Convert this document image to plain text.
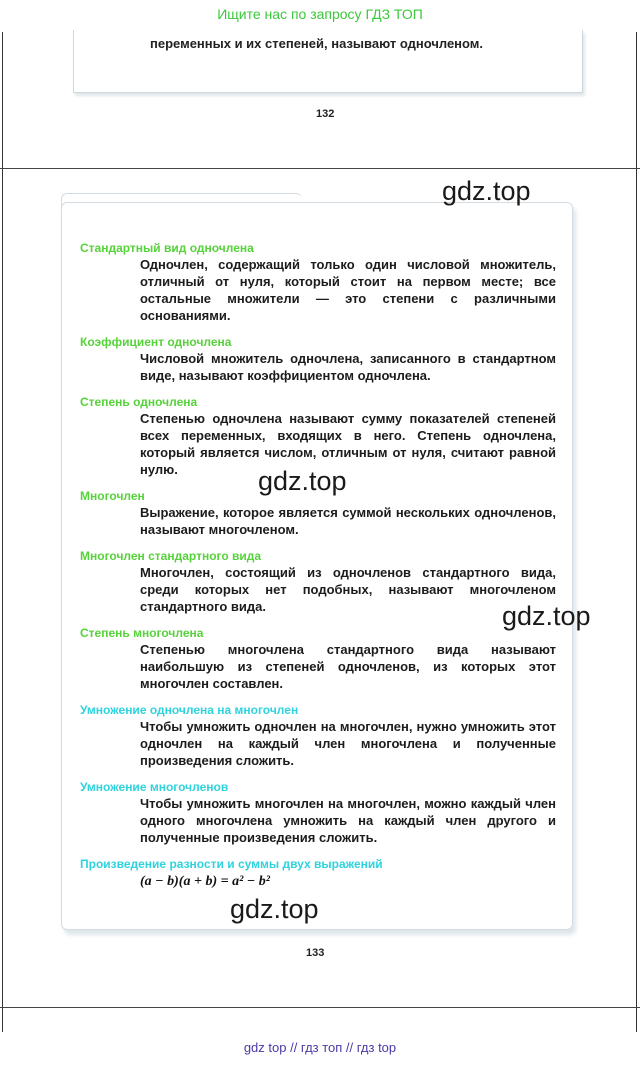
Ищите нас по запросу ГДЗ ТОП
переменных и их степеней, называют одночленом.
132

Стандартный вид одночлена

Одночлен, содержащий только один числовой множитель, отличный от нуля, который стоит на первом месте; все остальные множители — это степени с различными основаниями.

Коэффициент одночлена

Числовой множитель одночлена, записанного в стандартном виде, называют коэффициентом одночлена.

Степень одночлена

Степенью одночлена называют сумму показателей степеней всех переменных, входящих в него. Степень одночлена, который является числом, отличным от нуля, считают равной нулю.

Многочлен

Выражение, которое является суммой нескольких одночленов, называют многочленом.

Многочлен стандартного вида

Многочлен, состоящий из одночленов стандартного вида, среди которых нет подобных, называют многочленом стандартного вида.

Степень многочлена

Степенью многочлена стандартного вида называют наибольшую из степеней одночленов, из которых этот многочлен составлен.

Умножение одночлена на многочлен

Чтобы умножить одночлен на многочлен, нужно умножить этот одночлен на каждый член многочлена и полученные произведения сложить.

Умножение многочленов

Чтобы умножить многочлен на многочлен, можно каждый член одного многочлена умножить на каждый член другого и полученные произведения сложить.

Произведение разности и суммы двух выражений

(a − b)(a + b) = a² − b²

133
gdz.top
gdz.top
gdz.top
gdz.top
gdz top // гдз топ // гдз top
